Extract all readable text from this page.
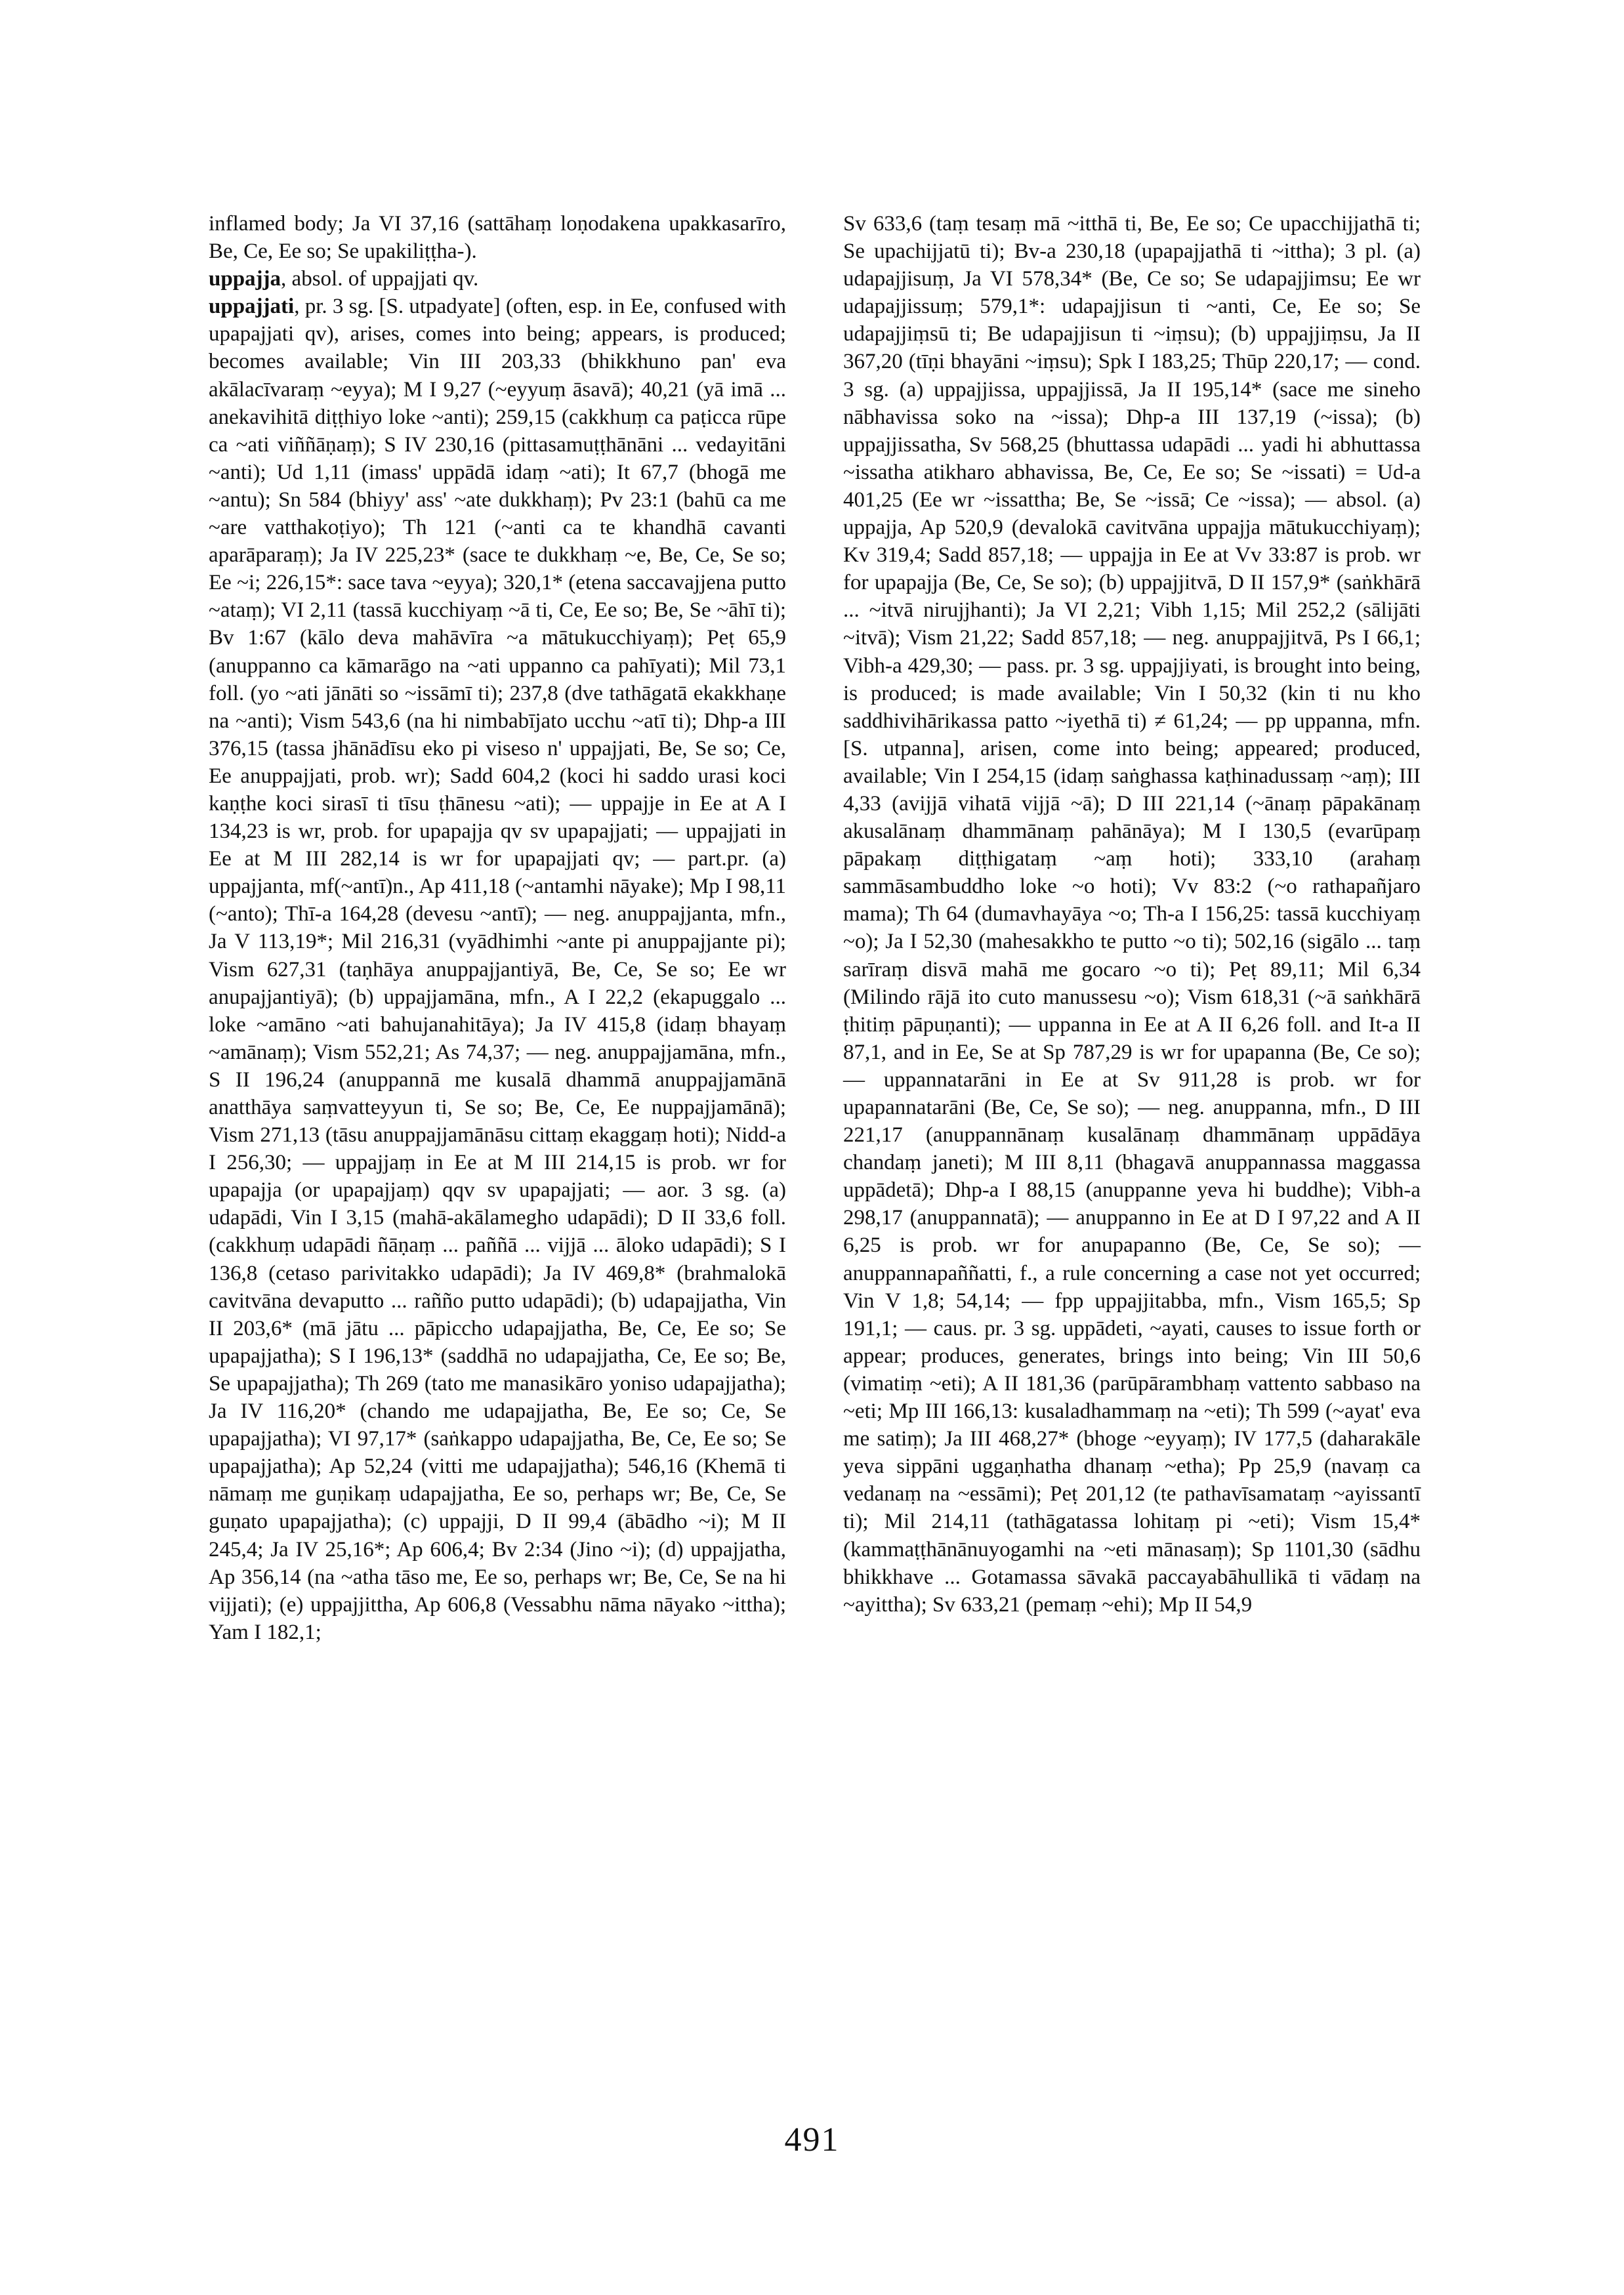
inflamed body; Ja VI 37,16 (sattāhaṃ loṇodakena upakkasarīro, Be, Ce, Ee so; Se upakiliṭṭha-).

uppajja, absol. of uppajjati qv.

uppajjati, pr. 3 sg. [S. utpadyate] (often, esp. in Ee, confused with upapajjati qv), arises, comes into being; appears, is produced; becomes available; Vin III 203,33 (bhikkhuno pan' eva akālacīvaraṃ ~eyya); M I 9,27 (~eyyuṃ āsavā); 40,21 (yā imā ... anekavihitā diṭṭhiyo loke ~anti); 259,15 (cakkhuṃ ca paṭicca rūpe ca ~ati viññāṇaṃ); S IV 230,16 (pittasamuṭṭhānāni ... vedayitāni ~anti); Ud 1,11 (imass' uppādā idaṃ ~ati); It 67,7 (bhogā me ~antu); Sn 584 (bhiyy' ass' ~ate dukkhaṃ); Pv 23:1 (bahū ca me ~are vatthakoṭiyo); Th 121 (~anti ca te khandhā cavanti aparāparaṃ); Ja IV 225,23* (sace te dukkhaṃ ~e, Be, Ce, Se so; Ee ~i; 226,15*: sace tava ~eyya); 320,1* (etena saccavajjena putto ~ataṃ); VI 2,11 (tassā kucchiyaṃ ~ā ti, Ce, Ee so; Be, Se ~āhī ti); Bv 1:67 (kālo deva mahāvīra ~a mātukucchiyaṃ); Peṭ 65,9 (anuppanno ca kāmarāgo na ~ati uppanno ca pahīyati); Mil 73,1 foll. (yo ~ati jānāti so ~issāmī ti); 237,8 (dve tathāgatā ekakkhaṇe na ~anti); Vism 543,6 (na hi nimbabījato ucchu ~atī ti); Dhp-a III 376,15 (tassa jhānādīsu eko pi viseso n' uppajjati, Be, Se so; Ce, Ee anuppajjati, prob. wr); Sadd 604,2 (koci hi saddo urasi koci kaṇṭhe koci sirasī ti tīsu ṭhānesu ~ati); — uppajje in Ee at A I 134,23 is wr, prob. for upapajja qv sv upapajjati; — uppajjati in Ee at M III 282,14 is wr for upapajjati qv; — part.pr. (a) uppajjanta, mf(~antī)n., Ap 411,18 (~antamhi nāyake); Mp I 98,11 (~anto); Thī-a 164,28 (devesu ~antī); — neg. anuppajjanta, mfn., Ja V 113,19*; Mil 216,31 (vyādhimhi ~ante pi anuppajjante pi); Vism 627,31 (taṇhāya anuppajjantiyā, Be, Ce, Se so; Ee wr anupajjantiyā); (b) uppajjamāna, mfn., A I 22,2 (ekapuggalo ... loke ~amāno ~ati bahujanahitāya); Ja IV 415,8 (idaṃ bhayaṃ ~amānaṃ); Vism 552,21; As 74,37; — neg. anuppajjamāna, mfn., S II 196,24 (anuppannā me kusalā dhammā anuppajjamānā anatthāya saṃvatteyyun ti, Se so; Be, Ce, Ee nuppajjamānā); Vism 271,13 (tāsu anuppajjamānāsu cittaṃ ekaggaṃ hoti); Nidd-a I 256,30; — uppajjaṃ in Ee at M III 214,15 is prob. wr for upapajja (or upapajjaṃ) qqv sv upapajjati; — aor. 3 sg. (a) udapādi, Vin I 3,15 (mahā-akālamegho udapādi); D II 33,6 foll. (cakkhuṃ udapādi ñāṇaṃ ... paññā ... vijjā ... āloko udapādi); S I 136,8 (cetaso parivitakko udapādi); Ja IV 469,8* (brahmalokā cavitvāna devaputto ... rañño putto udapādi); (b) udapajjatha, Vin II 203,6* (mā jātu ... pāpiccho udapajjatha, Be, Ce, Ee so; Se upapajjatha); S I 196,13* (saddhā no udapajjatha, Ce, Ee so; Be, Se upapajjatha); Th 269 (tato me manasikāro yoniso udapajjatha); Ja IV 116,20* (chando me udapajjatha, Be, Ee so; Ce, Se upapajjatha); VI 97,17* (saṅkappo udapajjatha, Be, Ce, Ee so; Se upapajjatha); Ap 52,24 (vitti me udapajjatha); 546,16 (Khemā ti nāmaṃ me guṇikaṃ udapajjatha, Ee so, perhaps wr; Be, Ce, Se guṇato upapajjatha); (c) uppajji, D II 99,4 (ābādho ~i); M II 245,4; Ja IV 25,16*; Ap 606,4; Bv 2:34 (Jino ~i); (d) uppajjatha, Ap 356,14 (na ~atha tāso me, Ee so, perhaps wr; Be, Ce, Se na hi vijjati); (e) uppajjittha, Ap 606,8 (Vessabhu nāma nāyako ~ittha); Yam I 182,1;

Sv 633,6 (taṃ tesaṃ mā ~itthā ti, Be, Ee so; Ce upacchijjathā ti; Se upachijjatū ti); Bv-a 230,18 (upapajjathā ti ~ittha); 3 pl. (a) udapajjisuṃ, Ja VI 578,34* (Be, Ce so; Se udapajjimsu; Ee wr udapajjissuṃ; 579,1*: udapajjisun ti ~anti, Ce, Ee so; Se udapajjiṃsū ti; Be udapajjisun ti ~iṃsu); (b) uppajjiṃsu, Ja II 367,20 (tīṇi bhayāni ~iṃsu); Spk I 183,25; Thūp 220,17; — cond. 3 sg. (a) uppajjissa, uppajjissā, Ja II 195,14* (sace me sineho nābhavissa soko na ~issa); Dhp-a III 137,19 (~issa); (b) uppajjissatha, Sv 568,25 (bhuttassa udapādi ... yadi hi abhuttassa ~issatha atikharo abhavissa, Be, Ce, Ee so; Se ~issati) = Ud-a 401,25 (Ee wr ~issattha; Be, Se ~issā; Ce ~issa); — absol. (a) uppajja, Ap 520,9 (devalokā cavitvāna uppajja mātukucchiyaṃ); Kv 319,4; Sadd 857,18; — uppajja in Ee at Vv 33:87 is prob. wr for upapajja (Be, Ce, Se so); (b) uppajjitvā, D II 157,9* (saṅkhārā ... ~itvā nirujjhanti); Ja VI 2,21; Vibh 1,15; Mil 252,2 (sālijāti ~itvā); Vism 21,22; Sadd 857,18; — neg. anuppajjitvā, Ps I 66,1; Vibh-a 429,30; — pass. pr. 3 sg. uppajjiyati, is brought into being, is produced; is made available; Vin I 50,32 (kin ti nu kho saddhivihārikassa patto ~iyethā ti) ≠ 61,24; — pp uppanna, mfn. [S. utpanna], arisen, come into being; appeared; produced, available; Vin I 254,15 (idaṃ saṅghassa kaṭhinadussaṃ ~aṃ); III 4,33 (avijjā vihatā vijjā ~ā); D III 221,14 (~ānaṃ pāpakānaṃ akusalānaṃ dhammānaṃ pahānāya); M I 130,5 (evarūpaṃ pāpakaṃ diṭṭhigataṃ ~aṃ hoti); 333,10 (arahaṃ sammāsambuddho loke ~o hoti); Vv 83:2 (~o rathapañjaro mama); Th 64 (dumavhayāya ~o; Th-a I 156,25: tassā kucchiyaṃ ~o); Ja I 52,30 (mahesakkho te putto ~o ti); 502,16 (sigālo ... taṃ sarīraṃ disvā mahā me gocaro ~o ti); Peṭ 89,11; Mil 6,34 (Milindo rājā ito cuto manussesu ~o); Vism 618,31 (~ā saṅkhārā ṭhitiṃ pāpuṇanti); — uppanna in Ee at A II 6,26 foll. and It-a II 87,1, and in Ee, Se at Sp 787,29 is wr for upapanna (Be, Ce so); — uppannatarāni in Ee at Sv 911,28 is prob. wr for upapannatarāni (Be, Ce, Se so); — neg. anuppanna, mfn., D III 221,17 (anuppannānaṃ kusalānaṃ dhammānaṃ uppādāya chandaṃ janeti); M III 8,11 (bhagavā anuppannassa maggassa uppādetā); Dhp-a I 88,15 (anuppanne yeva hi buddhe); Vibh-a 298,17 (anuppannatā); — anuppanno in Ee at D I 97,22 and A II 6,25 is prob. wr for anupapanno (Be, Ce, Se so); — anuppannapaññatti, f., a rule concerning a case not yet occurred; Vin V 1,8; 54,14; — fpp uppajjitabba, mfn., Vism 165,5; Sp 191,1; — caus. pr. 3 sg. uppādeti, ~ayati, causes to issue forth or appear; produces, generates, brings into being; Vin III 50,6 (vimatiṃ ~eti); A II 181,36 (parūpārambhaṃ vattento sabbaso na ~eti; Mp III 166,13: kusaladhammaṃ na ~eti); Th 599 (~ayat' eva me satiṃ); Ja III 468,27* (bhoge ~eyyaṃ); IV 177,5 (daharakāle yeva sippāni uggaṇhatha dhanaṃ ~etha); Pp 25,9 (navaṃ ca vedanaṃ na ~essāmi); Peṭ 201,12 (te pathavīsamataṃ ~ayissantī ti); Mil 214,11 (tathāgatassa lohitaṃ pi ~eti); Vism 15,4* (kammaṭṭhānānuyogamhi na ~eti mānasaṃ); Sp 1101,30 (sādhu bhikkhave ... Gotamassa sāvakā paccayabāhullikā ti vādaṃ na ~ayittha); Sv 633,21 (pemaṃ ~ehi); Mp II 54,9

491
